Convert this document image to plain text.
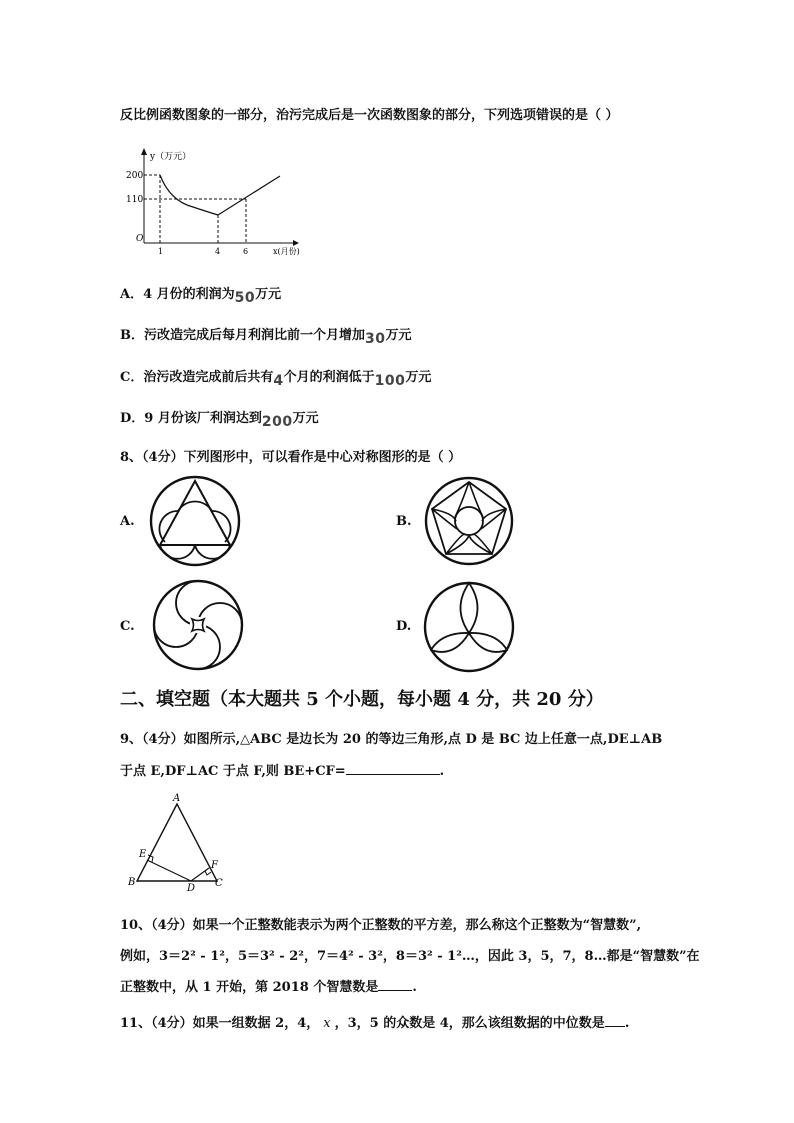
反比例函数图象的一部分，治污完成后是一次函数图象的部分，下列选项错误的是（ ）
y（万元）
200
110
O
1	4	6	x(月份)
A．4 月份的利润为50万元
B．污改造完成后每月利润比前一个月增加30万元
C．治污改造完成前后共有4个月的利润低于100万元
D．9 月份该厂利润达到200万元
8、（4分）下列图形中，可以看作是中心对称图形的是（ ）
A.	B.
C.	D.
二、填空题（本大题共 5 个小题，每小题 4 分，共 20 分）
9、（4分）如图所示,△ABC 是边长为 20 的等边三角形,点 D 是 BC 边上任意一点,DE⊥AB
于点 E,DF⊥AC 于点 F,则 BE+CF=	.
A
B	C
D
E
F
10、（4分）如果一个正整数能表示为两个正整数的平方差，那么称这个正整数为“智慧数”,
例如，3＝2² - 1²，5＝3² - 2²，7＝4² - 3²，8＝3² - 1²…，因此 3，5，7，8…都是“智慧数”在
正整数中，从 1 开始，第 2018 个智慧数是	.
11、（4分）如果一组数据 2，4， x ，3，5 的众数是 4，那么该组数据的中位数是 .
